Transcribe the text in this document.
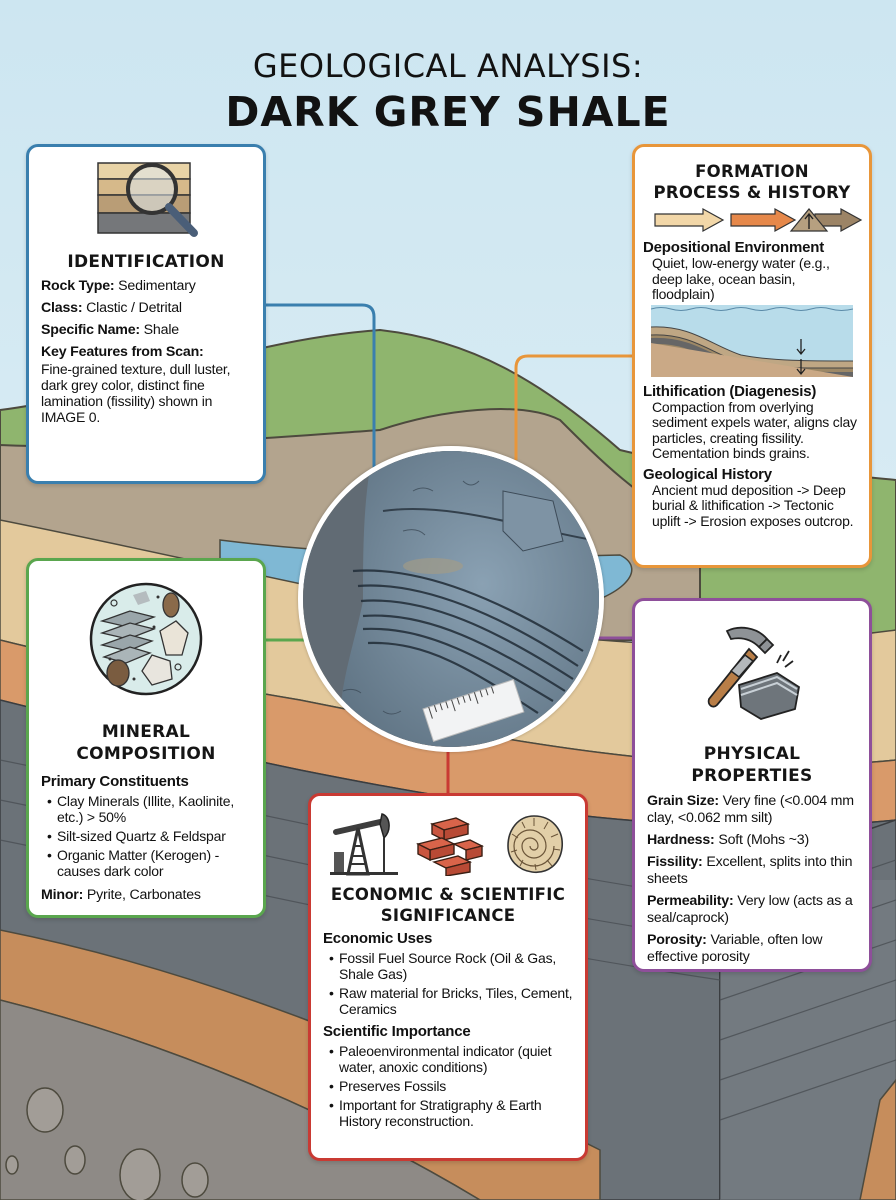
GEOLOGICAL ANALYSIS:
DARK GREY SHALE
IDENTIFICATION
Rock Type: Sedimentary
Class: Clastic / Detrital
Specific Name: Shale
Key Features from Scan:
Fine-grained texture, dull luster, dark grey color, distinct fine lamination (fissility) shown in IMAGE 0.
FORMATION
PROCESS & HISTORY
Depositional Environment
Quiet, low-energy water (e.g., deep lake, ocean basin, floodplain)
Lithification (Diagenesis)
Compaction from overlying sediment expels water, aligns clay particles, creating fissility. Cementation binds grains.
Geological History
Ancient mud deposition -> Deep burial & lithification -> Tectonic uplift -> Erosion exposes outcrop.
MINERAL
COMPOSITION
Primary Constituents
• Clay Minerals (Illite, Kaolinite, etc.) > 50%
• Silt-sized Quartz & Feldspar
• Organic Matter (Kerogen) - causes dark color
Minor: Pyrite, Carbonates
PHYSICAL
PROPERTIES
Grain Size: Very fine (<0.004 mm clay, <0.062 mm silt)
Hardness: Soft (Mohs ~3)
Fissility: Excellent, splits into thin sheets
Permeability: Very low (acts as a seal/caprock)
Porosity: Variable, often low effective porosity
ECONOMIC & SCIENTIFIC
SIGNIFICANCE
Economic Uses
• Fossil Fuel Source Rock (Oil & Gas, Shale Gas)
• Raw material for Bricks, Tiles, Cement, Ceramics
Scientific Importance
• Paleoenvironmental indicator (quiet water, anoxic conditions)
• Preserves Fossils
• Important for Stratigraphy & Earth History reconstruction.
